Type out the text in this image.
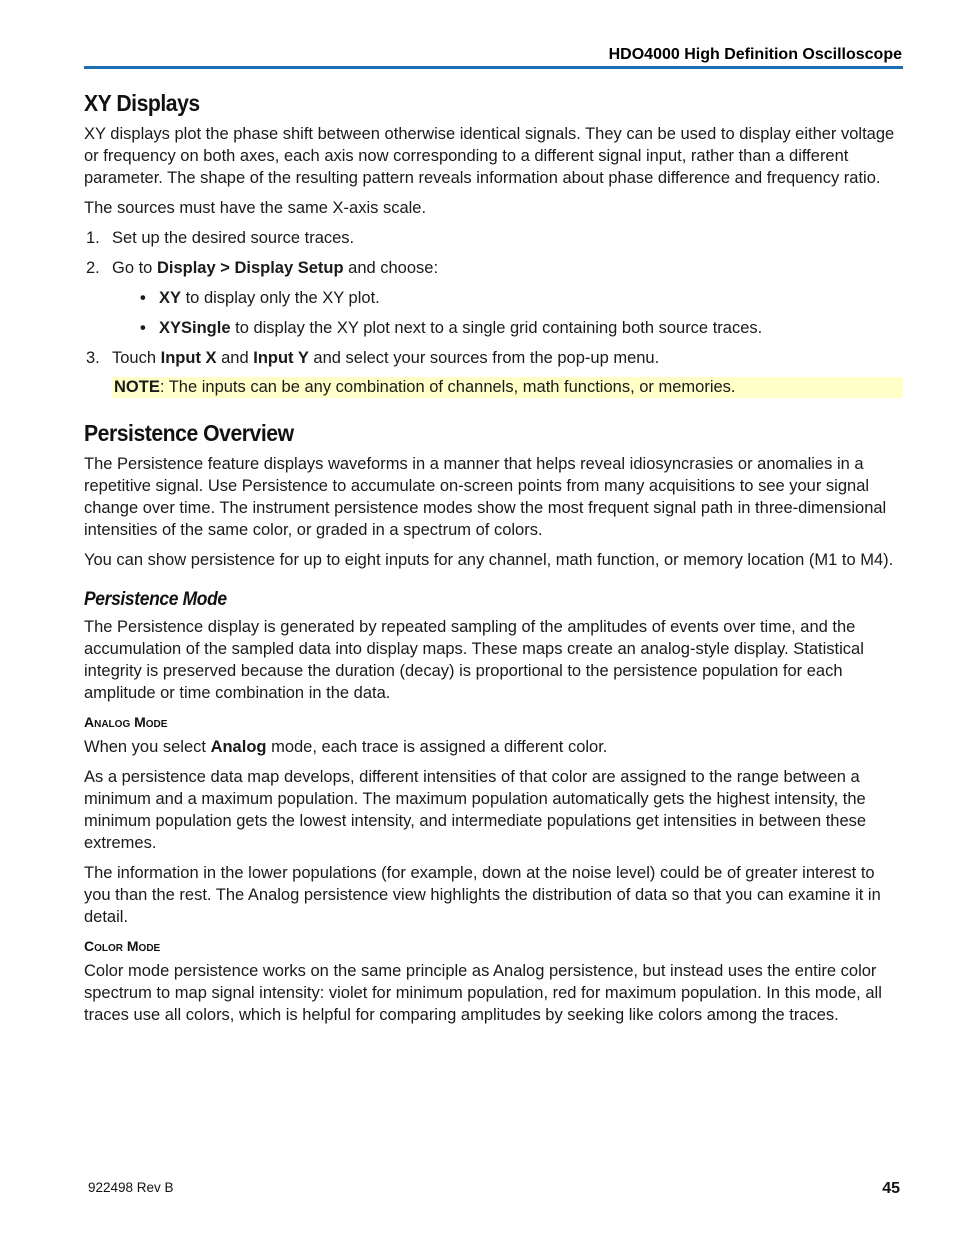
HDO4000 High Definition Oscilloscope
XY Displays

XY displays plot the phase shift between otherwise identical signals. They can be used to display either voltage or frequency on both axes, each axis now corresponding to a different signal input, rather than a different parameter. The shape of the resulting pattern reveals information about phase difference and frequency ratio.

The sources must have the same X-axis scale.

1. Set up the desired source traces.
2. Go to Display > Display Setup and choose:
• XY to display only the XY plot.
• XYSingle to display the XY plot next to a single grid containing both source traces.
3. Touch Input X and Input Y and select your sources from the pop-up menu.
NOTE: The inputs can be any combination of channels, math functions, or memories.
Persistence Overview

The Persistence feature displays waveforms in a manner that helps reveal idiosyncrasies or anomalies in a repetitive signal. Use Persistence to accumulate on-screen points from many acquisitions to see your signal change over time. The instrument persistence modes show the most frequent signal path in three-dimensional intensities of the same color, or graded in a spectrum of colors.

You can show persistence for up to eight inputs for any channel, math function, or memory location (M1 to M4).

Persistence Mode

The Persistence display is generated by repeated sampling of the amplitudes of events over time, and the accumulation of the sampled data into display maps. These maps create an analog-style display. Statistical integrity is preserved because the duration (decay) is proportional to the persistence population for each amplitude or time combination in the data.

Analog Mode

When you select Analog mode, each trace is assigned a different color.

As a persistence data map develops, different intensities of that color are assigned to the range between a minimum and a maximum population. The maximum population automatically gets the highest intensity, the minimum population gets the lowest intensity, and intermediate populations get intensities in between these extremes.

The information in the lower populations (for example, down at the noise level) could be of greater interest to you than the rest. The Analog persistence view highlights the distribution of data so that you can examine it in detail.

Color Mode

Color mode persistence works on the same principle as Analog persistence, but instead uses the entire color spectrum to map signal intensity: violet for minimum population, red for maximum population. In this mode, all traces use all colors, which is helpful for comparing amplitudes by seeking like colors among the traces.

922498 Rev B	45
